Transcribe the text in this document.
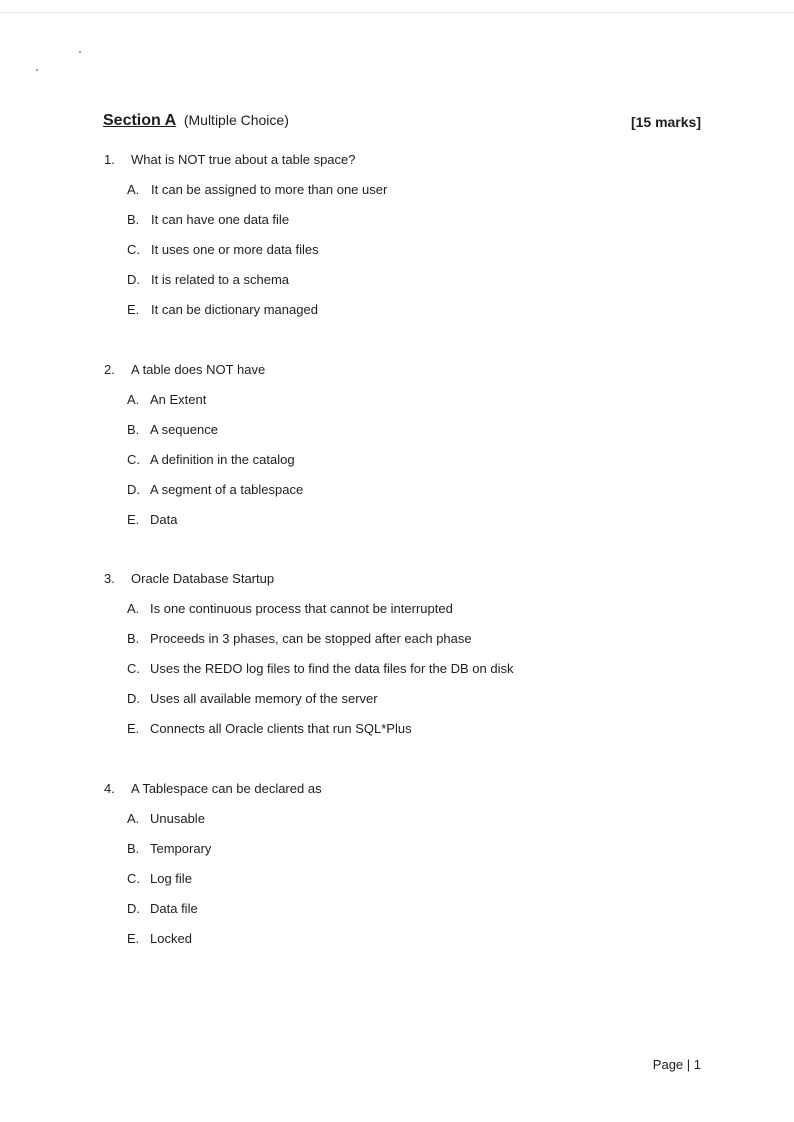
Section A (Multiple Choice)	[15 marks]
1. What is NOT true about a table space?
A. It can be assigned to more than one user
B. It can have one data file
C. It uses one or more data files
D. It is related to a schema
E. It can be dictionary managed
2. A table does NOT have
A. An Extent
B. A sequence
C. A definition in the catalog
D. A segment of a tablespace
E. Data
3. Oracle Database Startup
A. Is one continuous process that cannot be interrupted
B. Proceeds in 3 phases, can be stopped after each phase
C. Uses the REDO log files to find the data files for the DB on disk
D. Uses all available memory of the server
E. Connects all Oracle clients that run SQL*Plus
4. A Tablespace can be declared as
A. Unusable
B. Temporary
C. Log file
D. Data file
E. Locked
Page | 1
